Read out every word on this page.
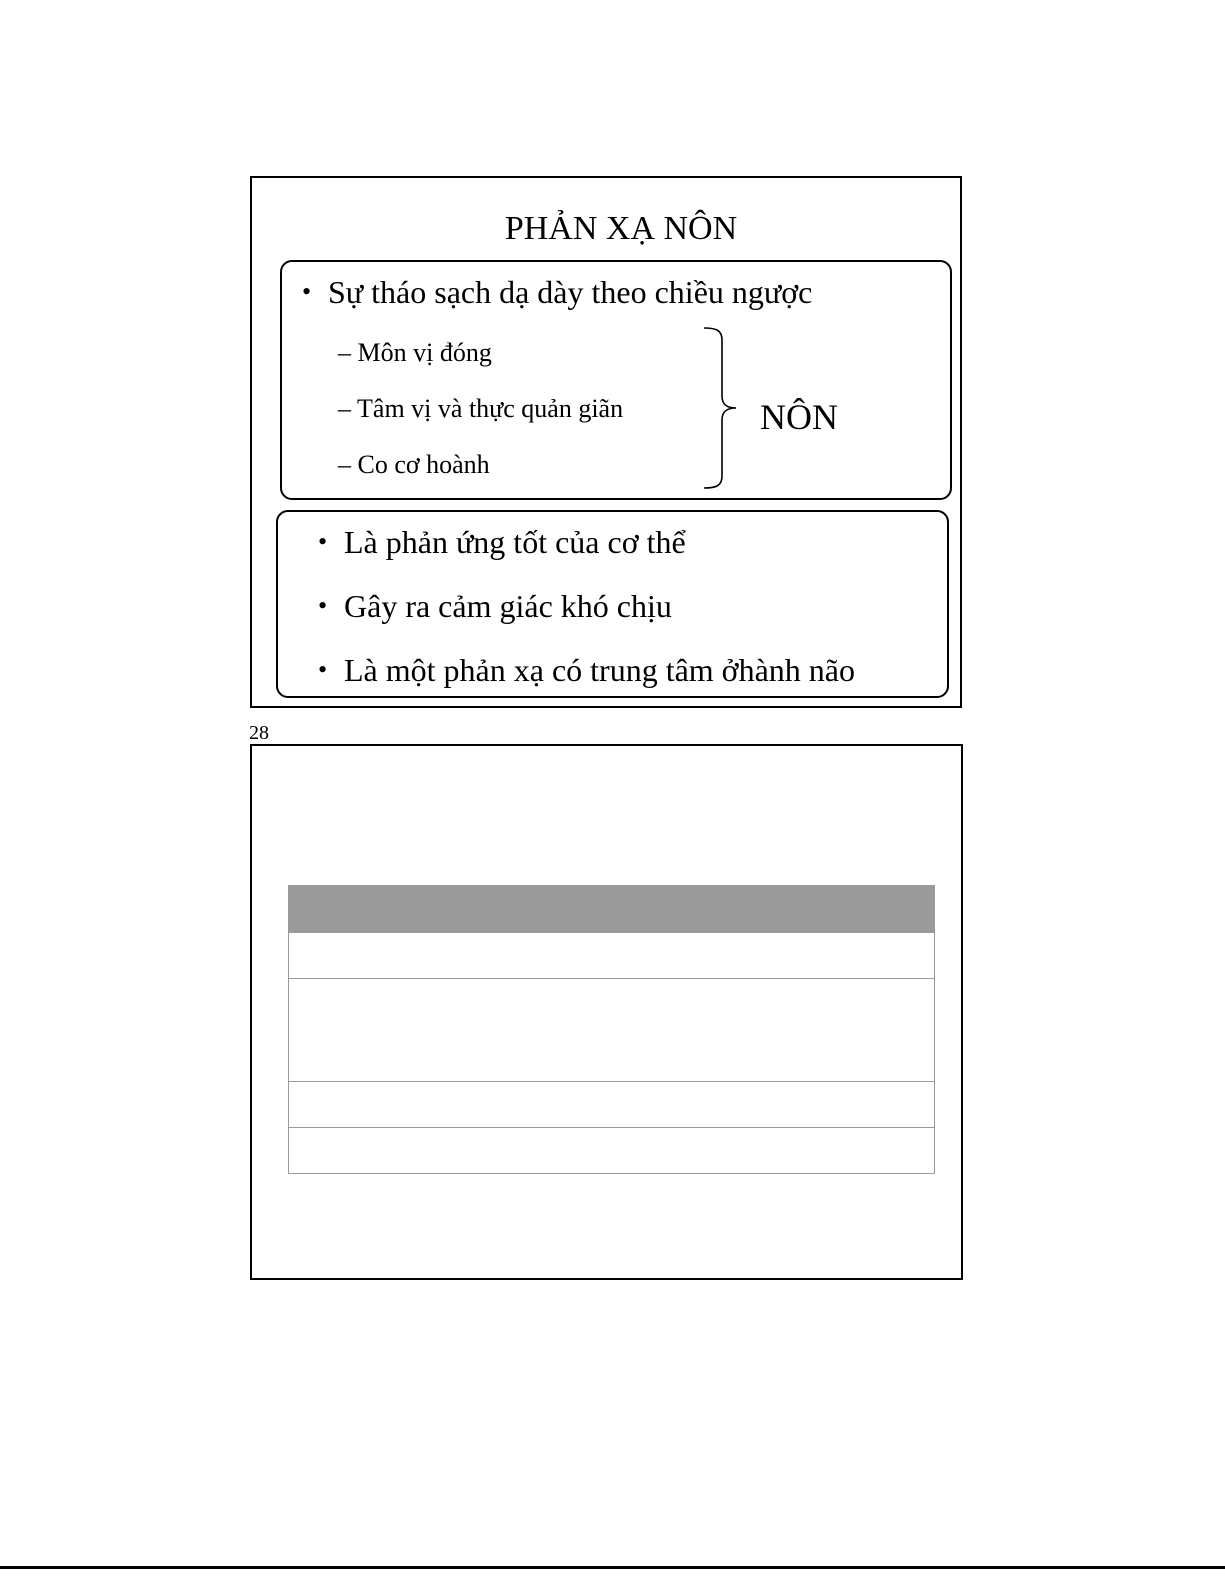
PHẢN XẠ NÔN
• Sự tháo sạch dạ dày theo chiều ngược
– Môn vị đóng
– Tâm vị và thực quản giãn
– Co cơ hoành
NÔN
• Là phản ứng tốt của cơ thể
• Gây ra cảm giác khó chịu
• Là một phản xạ có trung tâm ởhành não
28
